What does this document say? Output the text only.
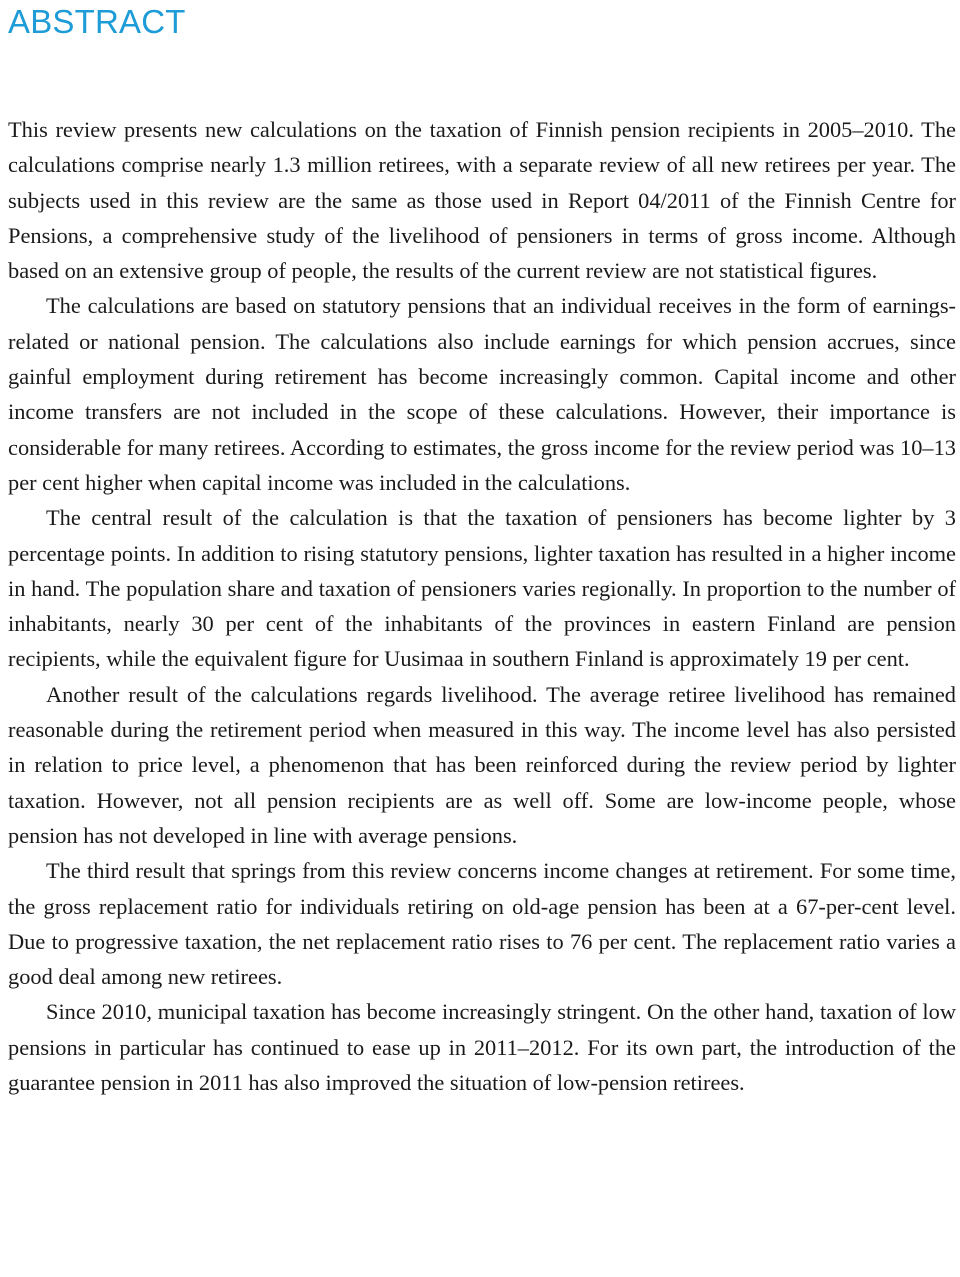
ABSTRACT

This review presents new calculations on the taxation of Finnish pension recipients in 2005–2010. The calculations comprise nearly 1.3 million retirees, with a separate review of all new retirees per year. The subjects used in this review are the same as those used in Report 04/2011 of the Finnish Centre for Pensions, a comprehensive study of the livelihood of pensioners in terms of gross income. Although based on an extensive group of people, the results of the current review are not statistical figures.

The calculations are based on statutory pensions that an individual receives in the form of earnings-related or national pension. The calculations also include earnings for which pension accrues, since gainful employment during retirement has become increasingly common. Capital income and other income transfers are not included in the scope of these calculations. However, their importance is considerable for many retirees. According to estimates, the gross income for the review period was 10–13 per cent higher when capital income was included in the calculations.

The central result of the calculation is that the taxation of pensioners has become lighter by 3 percentage points. In addition to rising statutory pensions, lighter taxation has resulted in a higher income in hand. The population share and taxation of pensioners varies regionally. In proportion to the number of inhabitants, nearly 30 per cent of the inhabitants of the provinces in eastern Finland are pension recipients, while the equivalent figure for Uusimaa in southern Finland is approximately 19 per cent.

Another result of the calculations regards livelihood. The average retiree livelihood has remained reasonable during the retirement period when measured in this way. The income level has also persisted in relation to price level, a phenomenon that has been reinforced during the review period by lighter taxation. However, not all pension recipients are as well off. Some are low-income people, whose pension has not developed in line with average pensions.

The third result that springs from this review concerns income changes at retirement. For some time, the gross replacement ratio for individuals retiring on old-age pension has been at a 67-per-cent level. Due to progressive taxation, the net replacement ratio rises to 76 per cent. The replacement ratio varies a good deal among new retirees.

Since 2010, municipal taxation has become increasingly stringent. On the other hand, taxation of low pensions in particular has continued to ease up in 2011–2012. For its own part, the introduction of the guarantee pension in 2011 has also improved the situation of low-pension retirees.
